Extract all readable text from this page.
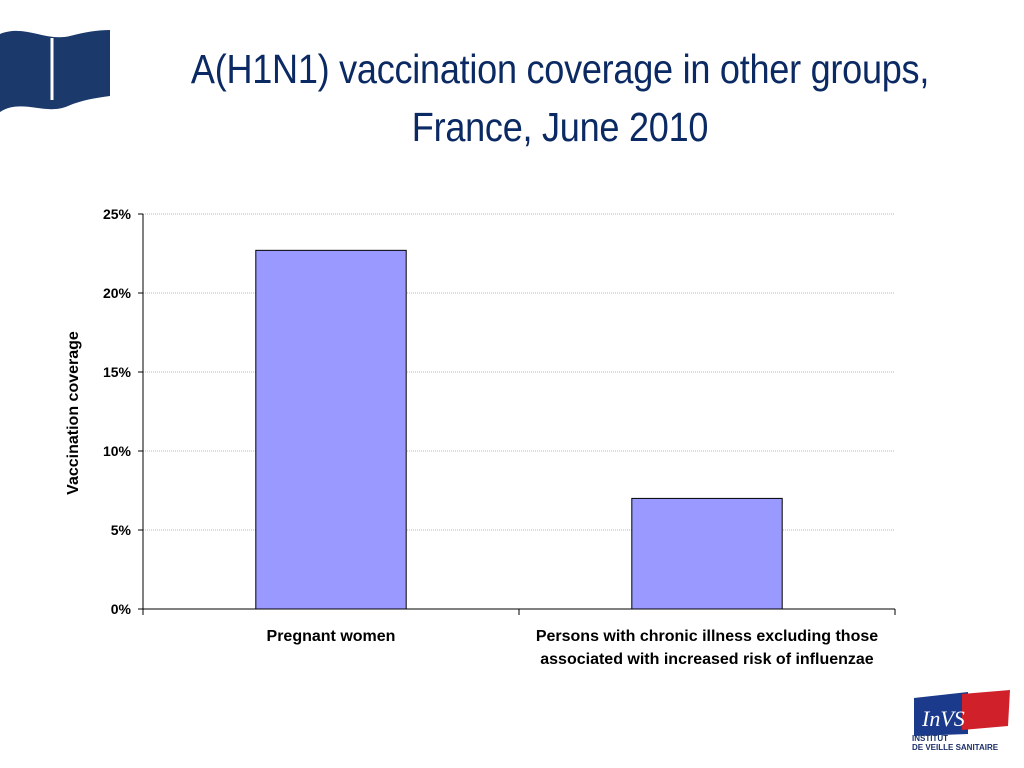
A(H1N1) vaccination coverage in other groups,
France, June 2010
0%
5%
10%
15%
20%
25%
Vaccination coverage
Pregnant women	Persons with chronic illness excluding those associated with increased risk of influenzae
InVS
INSTITUT
DE VEILLE SANITAIRE
